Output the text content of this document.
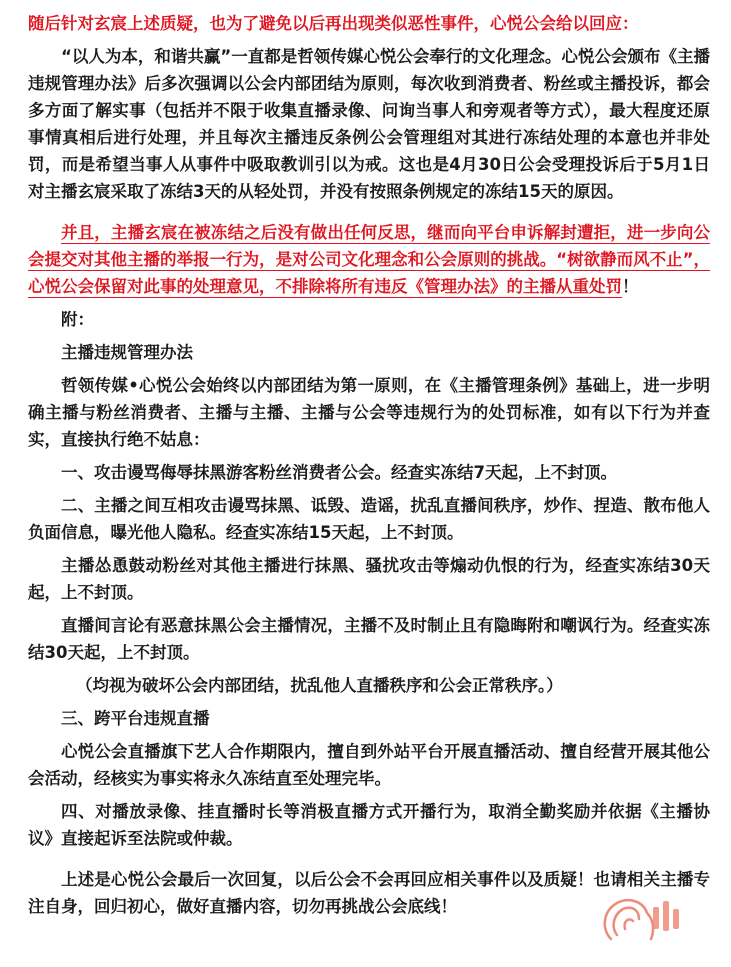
随后针对玄宸上述质疑，也为了避免以后再出现类似恶性事件，心悦公会给以回应：

“以人为本，和谐共赢”一直都是哲领传媒心悦公会奉行的文化理念。心悦公会颁布《主播违规管理办法》后多次强调以公会内部团结为原则，每次收到消费者、粉丝或主播投诉，都会多方面了解实事（包括并不限于收集直播录像、问询当事人和旁观者等方式），最大程度还原事情真相后进行处理，并且每次主播违反条例公会管理组对其进行冻结处理的本意也并非处罚，而是希望当事人从事件中吸取教训引以为戒。这也是4月30日公会受理投诉后于5月1日对主播玄宸采取了冻结3天的从轻处罚，并没有按照条例规定的冻结15天的原因。

并且，主播玄宸在被冻结之后没有做出任何反思，继而向平台申诉解封遭拒，进一步向公会提交对其他主播的举报一行为，是对公司文化理念和公会原则的挑战。“树欲静而风不止”，心悦公会保留对此事的处理意见，不排除将所有违反《管理办法》的主播从重处罚！

附：

主播违规管理办法

哲领传媒•心悦公会始终以内部团结为第一原则，在《主播管理条例》基础上，进一步明确主播与粉丝消费者、主播与主播、主播与公会等违规行为的处罚标准，如有以下行为并查实，直接执行绝不姑息：

一、攻击谩骂侮辱抹黑游客粉丝消费者公会。经查实冻结7天起，上不封顶。

二、主播之间互相攻击谩骂抹黑、诋毁、造谣，扰乱直播间秩序，炒作、捏造、散布他人负面信息，曝光他人隐私。经查实冻结15天起，上不封顶。

主播怂恿鼓动粉丝对其他主播进行抹黑、骚扰攻击等煽动仇恨的行为，经查实冻结30天起，上不封顶。

直播间言论有恶意抹黑公会主播情况，主播不及时制止且有隐晦附和嘲讽行为。经查实冻结30天起，上不封顶。

（均视为破坏公会内部团结，扰乱他人直播秩序和公会正常秩序。）

三、跨平台违规直播

心悦公会直播旗下艺人合作期限内，擅自到外站平台开展直播活动、擅自经营开展其他公会活动，经核实为事实将永久冻结直至处理完毕。

四、对播放录像、挂直播时长等消极直播方式开播行为，取消全勤奖励并依据《主播协议》直接起诉至法院或仲裁。

上述是心悦公会最后一次回复，以后公会不会再回应相关事件以及质疑！也请相关主播专注自身，回归初心，做好直播内容，切勿再挑战公会底线！
